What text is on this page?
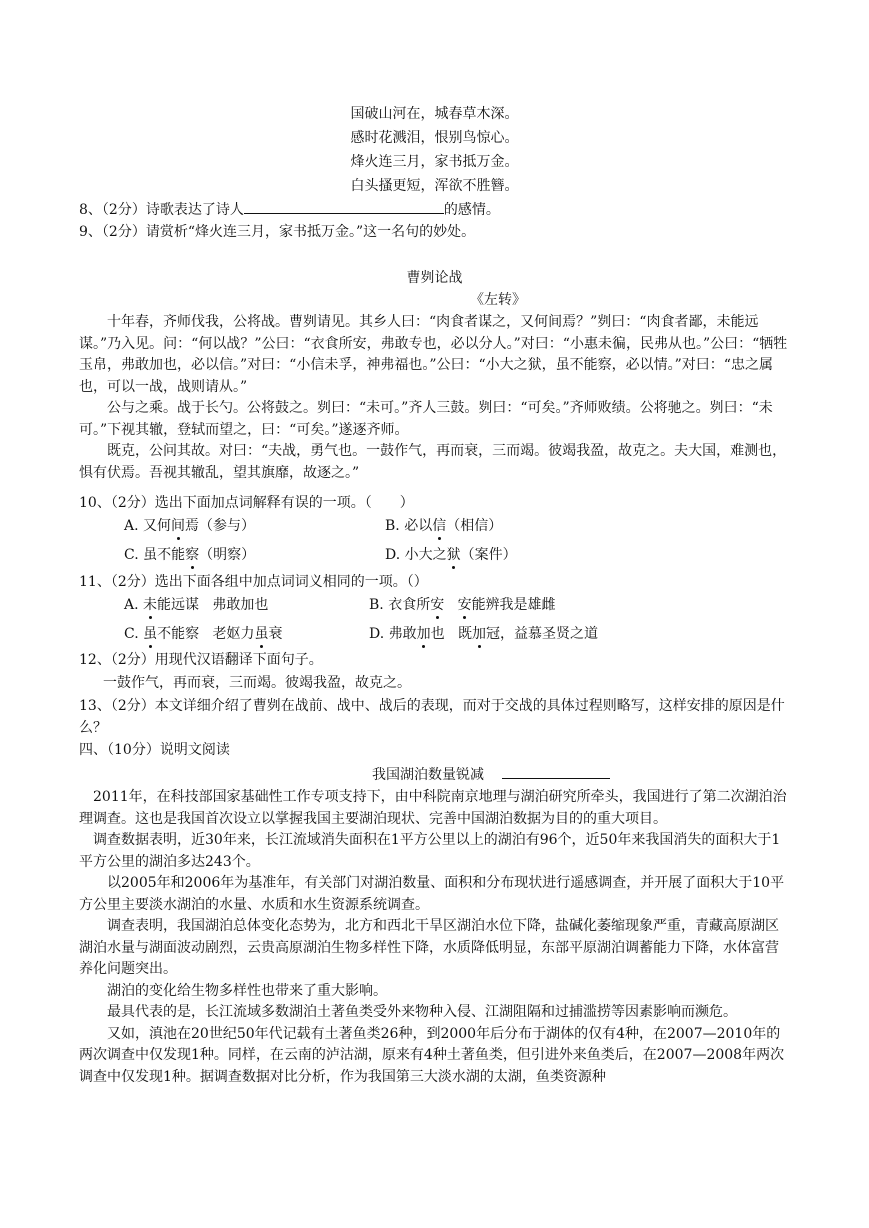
国破山河在，城春草木深。
感时花溅泪，恨别鸟惊心。
烽火连三月，家书抵万金。
白头搔更短，浑欲不胜簪。
8、（2分）诗歌表达了诗人	的感情。
9、（2分）请赏析“烽火连三月，家书抵万金。”这一名句的妙处。
曹刿论战
《左转》

十年春，齐师伐我，公将战。曹刿请见。其乡人曰：“肉食者谋之，又何间焉？”刿曰：“肉食者鄙，未能远谋。”乃入见。问：“何以战？”公曰：“衣食所安，弗敢专也，必以分人。”对曰：“小惠未徧，民弗从也。”公曰：“牺牲玉帛，弗敢加也，必以信。”对曰：“小信未孚，神弗福也。”公曰：“小大之狱，虽不能察，必以情。”对曰：“忠之属也，可以一战，战则请从。”

公与之乘。战于长勺。公将鼓之。刿曰：“未可。”齐人三鼓。刿曰：“可矣。”齐师败绩。公将驰之。刿曰：“未可。”下视其辙，登轼而望之，曰：“可矣。”遂逐齐师。

既克，公问其故。对曰：“夫战，勇气也。一鼓作气，再而衰，三而竭。彼竭我盈，故克之。夫大国，难测也，惧有伏焉。吾视其辙乱，望其旗靡，故逐之。”

10、（2分）选出下面加点词解释有误的一项。（　　）
A. 又何间焉（参与）	B. 必以信（相信）
C. 虽不能察（明察）	D. 小大之狱（案件）
11、（2分）选出下面各组中加点词词义相同的一项。（）
A. 未能远谋 弗敢加也	B. 衣食所安 安能辨我是雄雌
C. 虽不能察 老妪力虽衰	D. 弗敢加也 既加冠，益慕圣贤之道
12、（2分）用现代汉语翻译下面句子。
一鼓作气，再而衰，三而竭。彼竭我盈，故克之。
13、（2分）本文详细介绍了曹刿在战前、战中、战后的表现，而对于交战的具体过程则略写，这样安排的原因是什么？
四、（10分）说明文阅读
我国湖泊数量锐减

2011年，在科技部国家基础性工作专项支持下，由中科院南京地理与湖泊研究所牵头，我国进行了第二次湖泊治理调查。这也是我国首次设立以掌握我国主要湖泊现状、完善中国湖泊数据为目的的重大项目。

调查数据表明，近30年来，长江流域消失面积在1平方公里以上的湖泊有96个，近50年来我国消失的面积大于1平方公里的湖泊多达243个。

以2005年和2006年为基准年，有关部门对湖泊数量、面积和分布现状进行遥感调查，并开展了面积大于10平方公里主要淡水湖泊的水量、水质和水生资源系统调查。

调查表明，我国湖泊总体变化态势为，北方和西北干旱区湖泊水位下降，盐碱化萎缩现象严重，青藏高原湖区湖泊水量与湖面波动剧烈，云贵高原湖泊生物多样性下降，水质降低明显，东部平原湖泊调蓄能力下降，水体富营养化问题突出。

湖泊的变化给生物多样性也带来了重大影响。

最具代表的是，长江流域多数湖泊土著鱼类受外来物种入侵、江湖阻隔和过捕滥捞等因素影响而濒危。

又如，滇池在20世纪50年代记载有土著鱼类26种，到2000年后分布于湖体的仅有4种，在2007—2010年的两次调查中仅发现1种。同样，在云南的泸沽湖，原来有4种土著鱼类，但引进外来鱼类后，在2007—2008年两次调查中仅发现1种。据调查数据对比分析，作为我国第三大淡水湖的太湖，鱼类资源种
